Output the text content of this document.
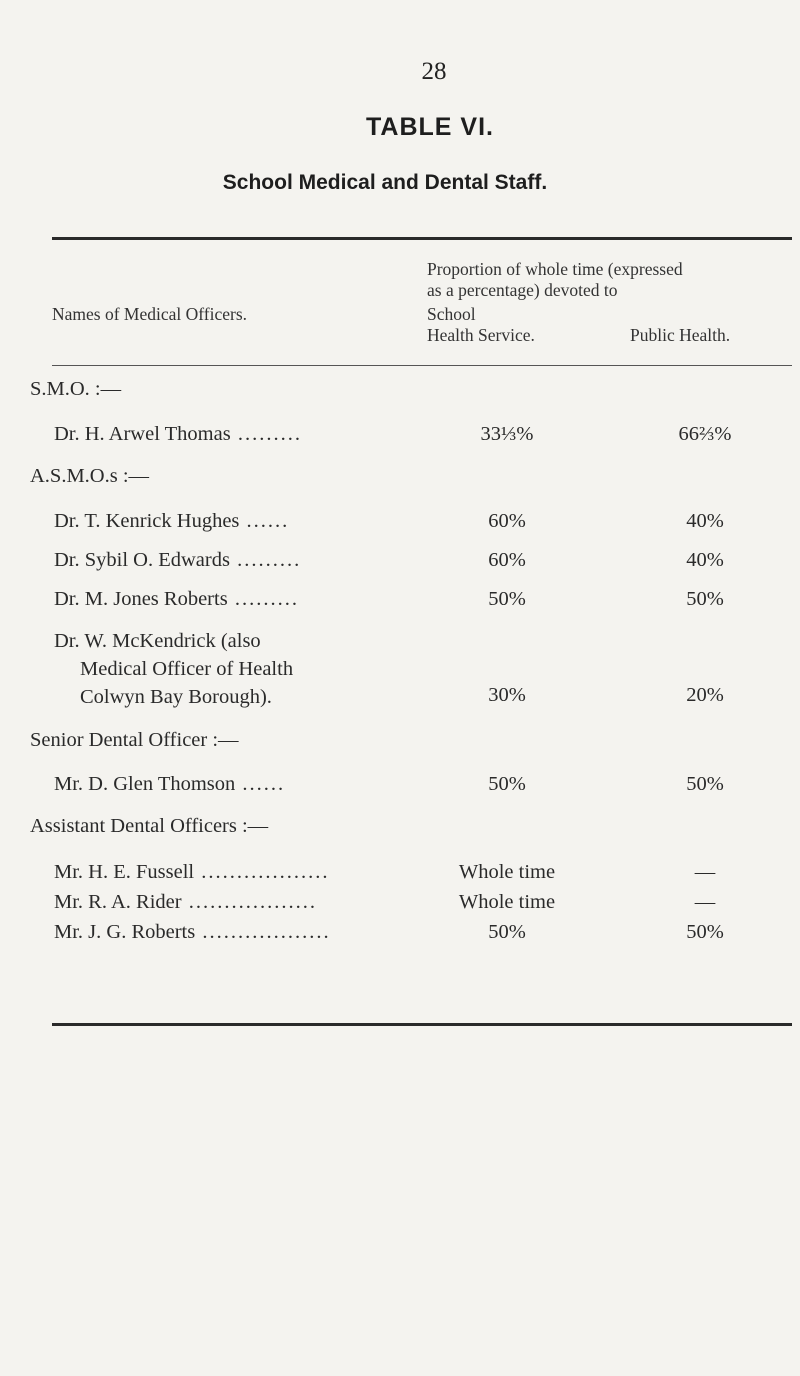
28
TABLE VI.
School Medical and Dental Staff.
Proportion of whole time (expressed
as a percentage) devoted to
Names of Medical Officers.	School
Health Service.	Public Health.
S.M.O. :—
Dr. H. Arwel Thomas .........	33⅓%	66⅔%
A.S.M.O.s :—
Dr. T. Kenrick Hughes ......	60%	40%
Dr. Sybil O. Edwards .........	60%	40%
Dr. M. Jones Roberts .........	50%	50%
Dr. W. McKendrick (also
Medical Officer of Health
Colwyn Bay Borough).	30%	20%
Senior Dental Officer :—
Mr. D. Glen Thomson ......	50%	50%
Assistant Dental Officers :—
Mr. H. E. Fussell ..................	Whole time	—
Mr. R. A. Rider ..................	Whole time	—
Mr. J. G. Roberts ..................	50%	50%
